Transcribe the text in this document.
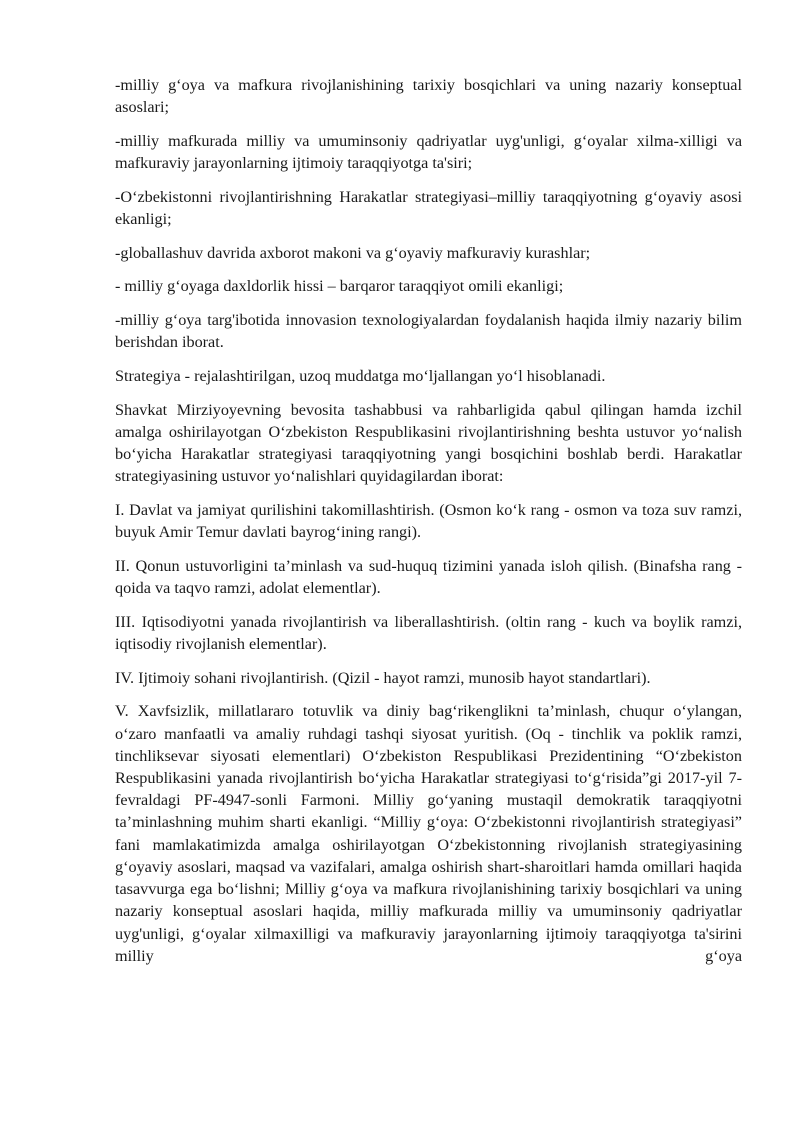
-milliy g‘oya va mafkura rivojlanishining tarixiy bosqichlari va uning nazariy konseptual asoslari;

-milliy mafkurada milliy va umuminsoniy qadriyatlar uyg'unligi, g‘oyalar xilma-xilligi va mafkuraviy jarayonlarning ijtimoiy taraqqiyotga ta'siri;

-O‘zbekistonni rivojlantirishning Harakatlar strategiyasi–milliy taraqqiyotning g‘oyaviy asosi ekanligi;

-globallashuv davrida axborot makoni va g‘oyaviy mafkuraviy kurashlar;

- milliy g‘oyaga daxldorlik hissi – barqaror taraqqiyot omili ekanligi;

-milliy g‘oya targ'ibotida innovasion texnologiyalardan foydalanish haqida ilmiy nazariy bilim berishdan iborat.

Strategiya - rejalashtirilgan, uzoq muddatga mo‘ljallangan yo‘l hisoblanadi.

Shavkat Mirziyoyevning bevosita tashabbusi va rahbarligida qabul qilingan hamda izchil amalga oshirilayotgan O‘zbekiston Respublikasini rivojlantirishning beshta ustuvor yo‘nalish bo‘yicha Harakatlar strategiyasi taraqqiyotning yangi bosqichini boshlab berdi. Harakatlar strategiyasining ustuvor yo‘nalishlari quyidagilardan iborat:

I. Davlat va jamiyat qurilishini takomillashtirish. (Osmon ko‘k rang - osmon va toza suv ramzi, buyuk Amir Temur davlati bayrog‘ining rangi).

II. Qonun ustuvorligini ta’minlash va sud-huquq tizimini yanada isloh qilish. (Binafsha rang - qoida va taqvo ramzi, adolat elementlar).

III. Iqtisodiyotni yanada rivojlantirish va liberallashtirish. (oltin rang - kuch va boylik ramzi, iqtisodiy rivojlanish elementlar).

IV. Ijtimoiy sohani rivojlantirish. (Qizil - hayot ramzi, munosib hayot standartlari).

V. Xavfsizlik, millatlararo totuvlik va diniy bag‘rikenglikni ta’minlash, chuqur o‘ylangan, o‘zaro manfaatli va amaliy ruhdagi tashqi siyosat yuritish. (Oq - tinchlik va poklik ramzi, tinchliksevar siyosati elementlari) O‘zbekiston Respublikasi Prezidentining “O‘zbekiston Respublikasini yanada rivojlantirish bo‘yicha Harakatlar strategiyasi to‘g‘risida”gi 2017-yil 7-fevraldagi PF-4947-sonli Farmoni. Milliy go‘yaning mustaqil demokratik taraqqiyotni ta’minlashning muhim sharti ekanligi. “Milliy g‘oya: O‘zbekistonni rivojlantirish strategiyasi” fani mamlakatimizda amalga oshirilayotgan O‘zbekistonning rivojlanish strategiyasining g‘oyaviy asoslari, maqsad va vazifalari, amalga oshirish shart-sharoitlari hamda omillari haqida tasavvurga ega bo‘lishni; Milliy g‘oya va mafkura rivojlanishining tarixiy bosqichlari va uning nazariy konseptual asoslari haqida, milliy mafkurada milliy va umuminsoniy qadriyatlar uyg'unligi, g‘oyalar xilmaxilligi va mafkuraviy jarayonlarning ijtimoiy taraqqiyotga ta'sirini milliy g‘oya
